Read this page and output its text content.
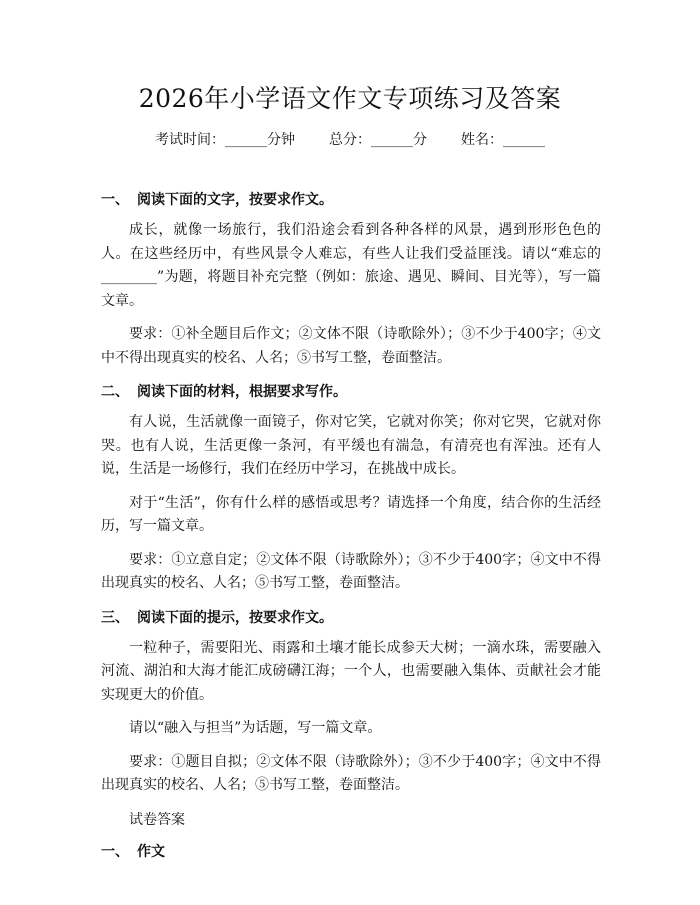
2026年小学语文作文专项练习及答案
考试时间：______分钟 总分：______分 姓名：______
一、 阅读下面的文字，按要求作文。

成长，就像一场旅行，我们沿途会看到各种各样的风景，遇到形形色色的人。在这些经历中，有些风景令人难忘，有些人让我们受益匪浅。请以“难忘的________”为题，将题目补充完整（例如：旅途、遇见、瞬间、目光等），写一篇文章。

要求：①补全题目后作文；②文体不限（诗歌除外）；③不少于400字；④文中不得出现真实的校名、人名；⑤书写工整，卷面整洁。

二、 阅读下面的材料，根据要求写作。

有人说，生活就像一面镜子，你对它笑，它就对你笑；你对它哭，它就对你哭。也有人说，生活更像一条河，有平缓也有湍急，有清亮也有浑浊。还有人说，生活是一场修行，我们在经历中学习，在挑战中成长。

对于“生活”，你有什么样的感悟或思考？请选择一个角度，结合你的生活经历，写一篇文章。

要求：①立意自定；②文体不限（诗歌除外）；③不少于400字；④文中不得出现真实的校名、人名；⑤书写工整，卷面整洁。

三、 阅读下面的提示，按要求作文。

一粒种子，需要阳光、雨露和土壤才能长成参天大树；一滴水珠，需要融入河流、湖泊和大海才能汇成磅礴江海；一个人，也需要融入集体、贡献社会才能实现更大的价值。

请以“融入与担当”为话题，写一篇文章。

要求：①题目自拟；②文体不限（诗歌除外）；③不少于400字；④文中不得出现真实的校名、人名；⑤书写工整，卷面整洁。

试卷答案
一、 作文
